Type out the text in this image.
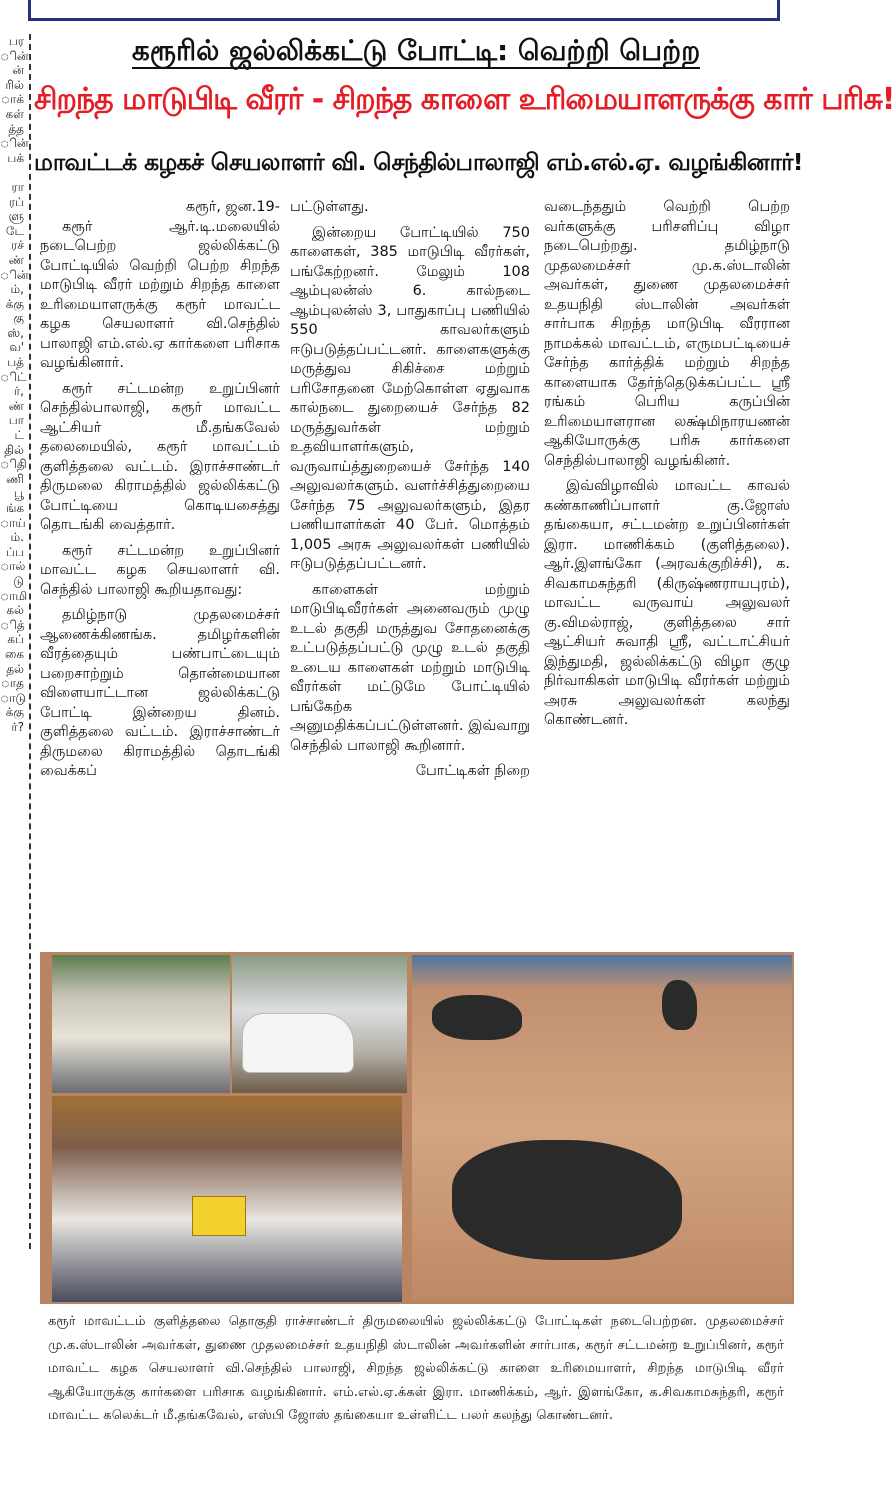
பர
ின்
ன்
ரில்
ாக்
கள்
த்த
ின்
பக்

ரா
ரப்
ளு
டே
ரச்
ண்
ின்
ம்,
க்கு
கு
ஸ்,
வ'
பத்
ிட்
ர்,
ண்
பா
ட்
தில்
ிதி
ணி
பூ
ங்க
ாய்
ம்.
ப்ப
ால்
டு
ாமி
கல்
ித்
கப்
கை
தல்
ாத
ாடு
க்கு
ர்?
கரூரில் ஜல்லிக்கட்டு போட்டி: வெற்றி பெற்ற
சிறந்த மாடுபிடி வீரர் - சிறந்த காளை உரிமையாளருக்கு கார் பரிசு!
மாவட்டக் கழகச் செயலாளர் வி. செந்தில்பாலாஜி எம்.எல்.ஏ. வழங்கினார்!

கரூர், ஜன.19-

கரூர் ஆர்.டி.மலையில் நடைபெற்ற ஜல்லிக்கட்டு போட்டியில் வெற்றி பெற்ற சிறந்த மாடுபிடி வீரர் மற்றும் சிறந்த காளை உரிமையாளருக்கு கரூர் மாவட்ட கழக செயலாளர் வி.செந்தில் பாலாஜி எம்.எல்.ஏ கார்களை பரிசாக வழங்கினார்.

கரூர் சட்டமன்ற உறுப்பினர் செந்தில்பாலாஜி, கரூர் மாவட்ட ஆட்சியர் மீ.தங்கவேல் தலைமையில், கரூர் மாவட்டம் குளித்தலை வட்டம். இராச்சாண்டர் திருமலை கிராமத்தில் ஜல்லிக்கட்டு போட்டியை கொடியசைத்து தொடங்கி வைத்தார்.

கரூர் சட்டமன்ற உறுப்பினர் மாவட்ட கழக செயலாளர் வி. செந்தில் பாலாஜி கூறியதாவது:

தமிழ்நாடு முதலமைச்சர் ஆணைக்கிணங்க. தமிழர்களின் வீரத்தையும் பண்பாட்டையும் பறைசாற்றும் தொன்மையான விளையாட்டான ஜல்லிக்கட்டு போட்டி இன்றைய தினம். குளித்தலை வட்டம். இராச்சாண்டர் திருமலை கிராமத்தில் தொடங்கி வைக்கப்

பட்டுள்ளது.

இன்றைய போட்டியில் 750 காளைகள், 385 மாடுபிடி வீரர்கள், பங்கேற்றனர். மேலும் 108 ஆம்புலன்ஸ் 6. கால்நடை ஆம்புலன்ஸ் 3, பாதுகாப்பு பணியில் 550 காவலர்களும் ஈடுபடுத்தப்பட்டனர். காளைகளுக்கு மருத்துவ சிகிச்சை மற்றும் பரிசோதனை மேற்கொள்ள ஏதுவாக கால்நடை துறையைச் சேர்ந்த 82 மருத்துவர்கள் மற்றும் உதவியாளர்களும், வருவாய்த்துறையைச் சேர்ந்த 140 அலுவலர்களும். வளர்ச்சித்துறையை சேர்ந்த 75 அலுவலர்களும், இதர பணியாளர்கள் 40 பேர். மொத்தம் 1,005 அரசு அலுவலர்கள் பணியில் ஈடுபடுத்தப்பட்டனர்.

காளைகள் மற்றும் மாடுபிடிவீரர்கள் அனைவரும் முழு உடல் தகுதி மருத்துவ சோதனைக்கு உட்படுத்தப்பட்டு முழு உடல் தகுதி உடைய காளைகள் மற்றும் மாடுபிடி வீரர்கள் மட்டுமே போட்டியில் பங்கேற்க அனுமதிக்கப்பட்டுள்ளனர். இவ்வாறு செந்தில் பாலாஜி கூறினார்.

போட்டிகள் நிறை

வடைந்ததும் வெற்றி பெற்ற வர்களுக்கு பரிசளிப்பு விழா நடைபெற்றது. தமிழ்நாடு முதலமைச்சர் மு.க.ஸ்டாலின் அவர்கள், துணை முதலமைச்சர் உதயநிதி ஸ்டாலின் அவர்கள் சார்பாக சிறந்த மாடுபிடி வீரரான நாமக்கல் மாவட்டம், எருமபட்டியைச் சேர்ந்த கார்த்திக் மற்றும் சிறந்த காளையாக தேர்ந்தெடுக்கப்பட்ட ஸ்ரீ ரங்கம் பெரிய கருப்பின் உரிமையாளரான லக்ஷ்மிநாரயணன் ஆகியோருக்கு பரிசு கார்களை செந்தில்பாலாஜி வழங்கினர்.

இவ்விழாவில் மாவட்ட காவல் கண்காணிப்பாளர் கு.ஜோஸ் தங்கையா, சட்டமன்ற உறுப்பினர்கள் இரா. மாணிக்கம் (குளித்தலை). ஆர்.இளங்கோ (அரவக்குறிச்சி), க. சிவகாமசுந்தரி (கிருஷ்ணராயபுரம்), மாவட்ட வருவாய் அலுவலர் கு.விமல்ராஜ், குளித்தலை சார் ஆட்சியர் சுவாதி ஸ்ரீ, வட்டாட்சியர் இந்துமதி, ஜல்லிக்கட்டு விழா குழு நிர்வாகிகள் மாடுபிடி வீரர்கள் மற்றும் அரசு அலுவலர்கள் கலந்து கொண்டனர்.

கரூர் மாவட்டம் குளித்தலை தொகுதி ராச்சாண்டர் திருமலையில் ஜல்லிக்கட்டு போட்டிகள் நடைபெற்றன. முதலமைச்சர் மு.க.ஸ்டாலின் அவர்கள், துணை முதலமைச்சர் உதயநிதி ஸ்டாலின் அவர்களின் சார்பாக, கரூர் சட்டமன்ற உறுப்பினர், கரூர் மாவட்ட கழக செயலாளர் வி.செந்தில் பாலாஜி, சிறந்த ஜல்லிக்கட்டு காளை உரிமையாளர், சிறந்த மாடுபிடி வீரர் ஆகியோருக்கு கார்களை பரிசாக வழங்கினார். எம்.எல்.ஏ.க்கள் இரா. மாணிக்கம், ஆர். இளங்கோ, க.சிவகாமசுந்தரி, கரூர் மாவட்ட கலெக்டர் மீ.தங்கவேல், எஸ்பி ஜோஸ் தங்கையா உள்ளிட்ட பலர் கலந்து கொண்டனர்.
